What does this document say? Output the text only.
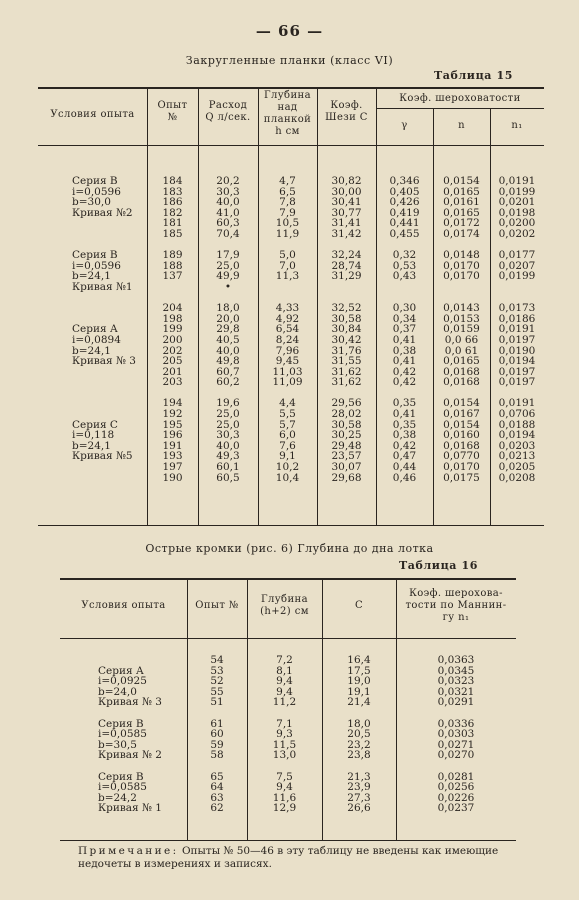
— 66 —
Закругленные планки (класс VI)
Таблица 15
Условия опыта
Опыт
№
Расход
Q л/сек.
Глубина
над
планкой
h см
Коэф.
Шези С
Коэф. шероховатости
γ	n	n₁
Серия В	184	20,2	4,7	30,82	0,346	0,0154	0,0191
i=0,0596	183	30,3	6,5	30,00	0,405	0,0165	0,0199
b=30,0	186	40,0	7,8	30,41	0,426	0,0161	0,0201
Кривая №2	182	41,0	7,9	30,77	0,419	0,0165	0,0198
	181	60,3	10,5	31,41	0,441	0,0172	0,0200
	185	70,4	11,9	31,42	0,455	0,0174	0,0202

Серия В	189	17,9	5,0	32,24	0,32	0,0148	0,0177
i=0,0596	188	25,0	7,0	28,74	0,53	0,0170	0,0207
b=24,1	137	49,9	11,3	31,29	0,43	0,0170	0,0199
Кривая №1		•					

	204	18,0	4,33	32,52	0,30	0,0143	0,0173
	198	20,0	4,92	30,58	0,34	0,0153	0,0186
Серия А	199	29,8	6,54	30,84	0,37	0,0159	0,0191
i=0,0894	200	40,5	8,24	30,42	0,41	0,0 66	0,0197
b=24,1	202	40,0	7,96	31,76	0,38	0,0 61	0,0190
Кривая № 3	205	49,8	9,45	31,55	0,41	0,0165	0,0194
	201	60,7	11,03	31,62	0,42	0,0168	0,0197
	203	60,2	11,09	31,62	0,42	0,0168	0,0197

	194	19,6	4,4	29,56	0,35	0,0154	0,0191
	192	25,0	5,5	28,02	0,41	0,0167	0,0706
Серия С	195	25,0	5,7	30,58	0,35	0,0154	0,0188
i=0,118	196	30,3	6,0	30,25	0,38	0,0160	0,0194
b=24,1	191	40,0	7,6	29,48	0,42	0,0168	0,0203
Кривая №5	193	49,3	9,1	23,57	0,47	0,0770	0,0213
	197	60,1	10,2	30,07	0,44	0,0170	0,0205
	190	60,5	10,4	29,68	0,46	0,0175	0,0208
Острые кромки (рис. 6) Глубина до дна лотка
Таблица 16
Условия опыта	Опыт №
Глубина
(h+2) см
C
Коэф. шерохова-
тости по Маннин-
гу n₁
	54	7,2	16,4	0,0363
Серия А	53	8,1	17,5	0,0345
i=0,0925	52	9,4	19,0	0,0323
b=24,0	55	9,4	19,1	0,0321
Кривая № 3	51	11,2	21,4	0,0291

Серия В	61	7,1	18,0	0,0336
i=0,0585	60	9,3	20,5	0,0303
b=30,5	59	11,5	23,2	0,0271
Кривая № 2	58	13,0	23,8	0,0270

Серия В	65	7,5	21,3	0,0281
i=0,0585	64	9,4	23,9	0,0256
b=24,2	63	11,6	27,3	0,0226
Кривая № 1	62	12,9	26,6	0,0237
Примечание: Опыты № 50—46 в эту таблицу не введены как имеющие недочеты в измерениях и записях.
